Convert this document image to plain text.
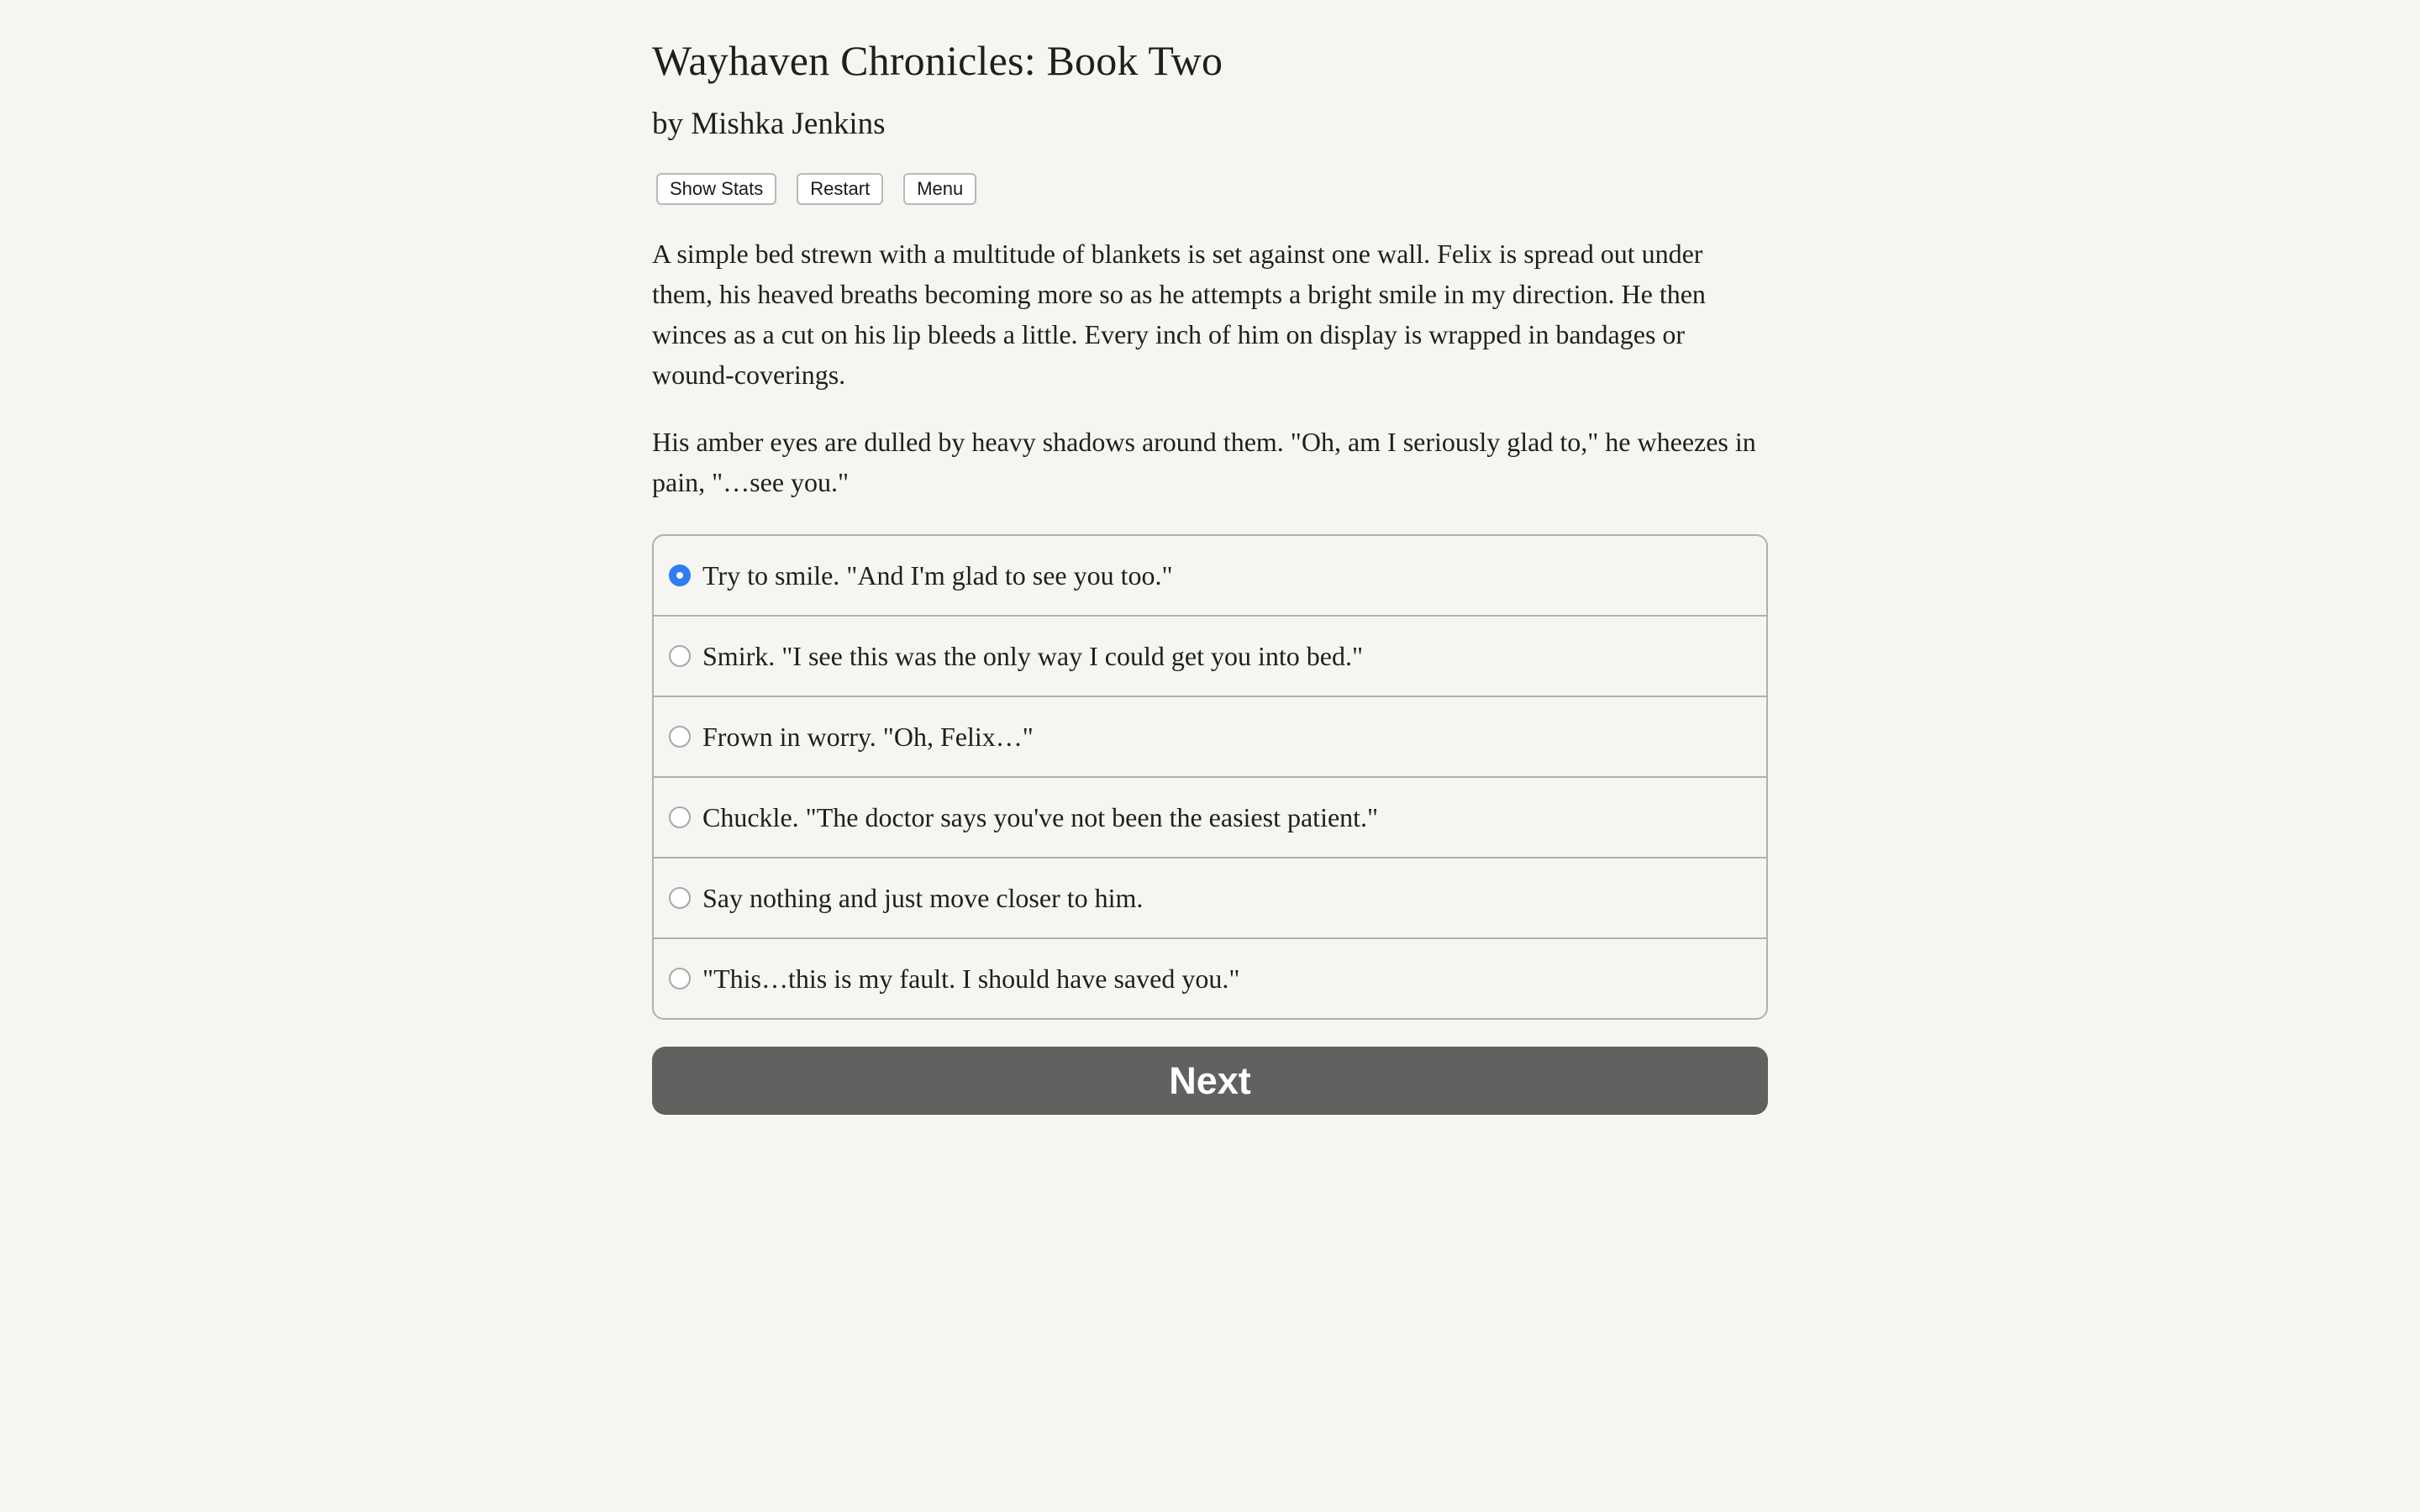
Wayhaven Chronicles: Book Two
by Mishka Jenkins
Show Stats	Restart	Menu

A simple bed strewn with a multitude of blankets is set against one wall. Felix is spread out under them, his heaved breaths becoming more so as he attempts a bright smile in my direction. He then winces as a cut on his lip bleeds a little. Every inch of him on display is wrapped in bandages or wound-coverings.

His amber eyes are dulled by heavy shadows around them. "Oh, am I seriously glad to," he wheezes in pain, "…see you."

Try to smile. "And I'm glad to see you too."
Smirk. "I see this was the only way I could get you into bed."
Frown in worry. "Oh, Felix…"
Chuckle. "The doctor says you've not been the easiest patient."
Say nothing and just move closer to him.
"This…this is my fault. I should have saved you."
Next
